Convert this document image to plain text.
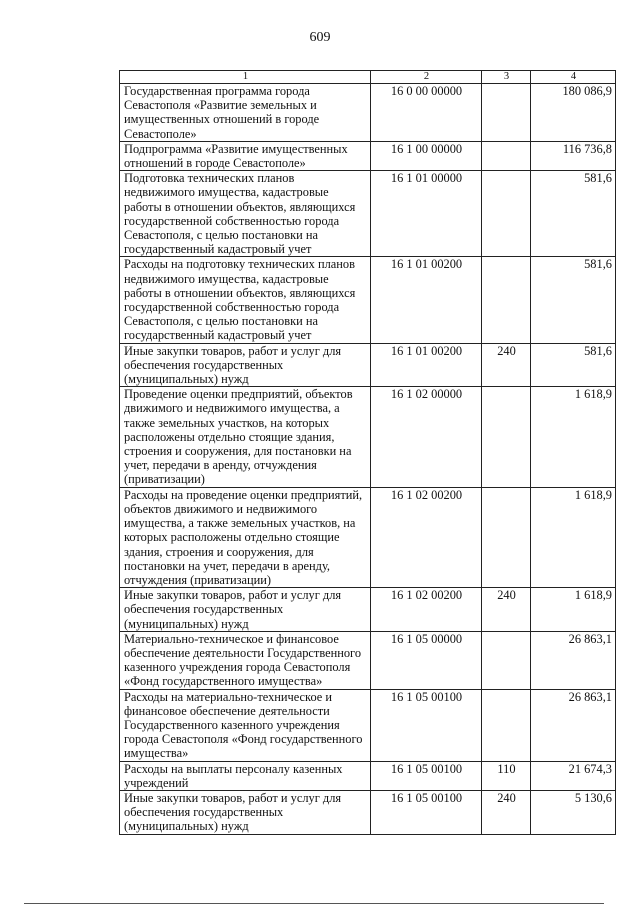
609
1	2	3	4
Государственная программа города Севастополя «Развитие земельных и имущественных отношений в городе Севастополе»	16 0 00 00000		180 086,9
Подпрограмма «Развитие имущественных отношений в городе Севастополе»	16 1 00 00000		116 736,8
Подготовка технических планов недвижимого имущества, кадастровые работы в отношении объектов, являющихся государственной собственностью города Севастополя, с целью постановки на государственный кадастровый учет	16 1 01 00000		581,6
Расходы на подготовку технических планов недвижимого имущества, кадастровые работы в отношении объектов, являющихся государственной собственностью города Севастополя, с целью постановки на государственный кадастровый учет	16 1 01 00200		581,6
Иные закупки товаров, работ и услуг для обеспечения государственных (муниципальных) нужд	16 1 01 00200	240	581,6
Проведение оценки предприятий, объектов движимого и недвижимого имущества, а также земельных участков, на которых расположены отдельно стоящие здания, строения и сооружения, для постановки на учет, передачи в аренду, отчуждения (приватизации)	16 1 02 00000		1 618,9
Расходы на проведение оценки предприятий, объектов движимого и недвижимого имущества, а также земельных участков, на которых расположены отдельно стоящие здания, строения и сооружения, для постановки на учет, передачи в аренду, отчуждения (приватизации)	16 1 02 00200		1 618,9
Иные закупки товаров, работ и услуг для обеспечения государственных (муниципальных) нужд	16 1 02 00200	240	1 618,9
Материально-техническое и финансовое обеспечение деятельности Государственного казенного учреждения города Севастополя «Фонд государственного имущества»	16 1 05 00000		26 863,1
Расходы на материально-техническое и финансовое обеспечение деятельности Государственного казенного учреждения города Севастополя «Фонд государственного имущества»	16 1 05 00100		26 863,1
Расходы на выплаты персоналу казенных учреждений	16 1 05 00100	110	21 674,3
Иные закупки товаров, работ и услуг для обеспечения государственных (муниципальных) нужд	16 1 05 00100	240	5 130,6
